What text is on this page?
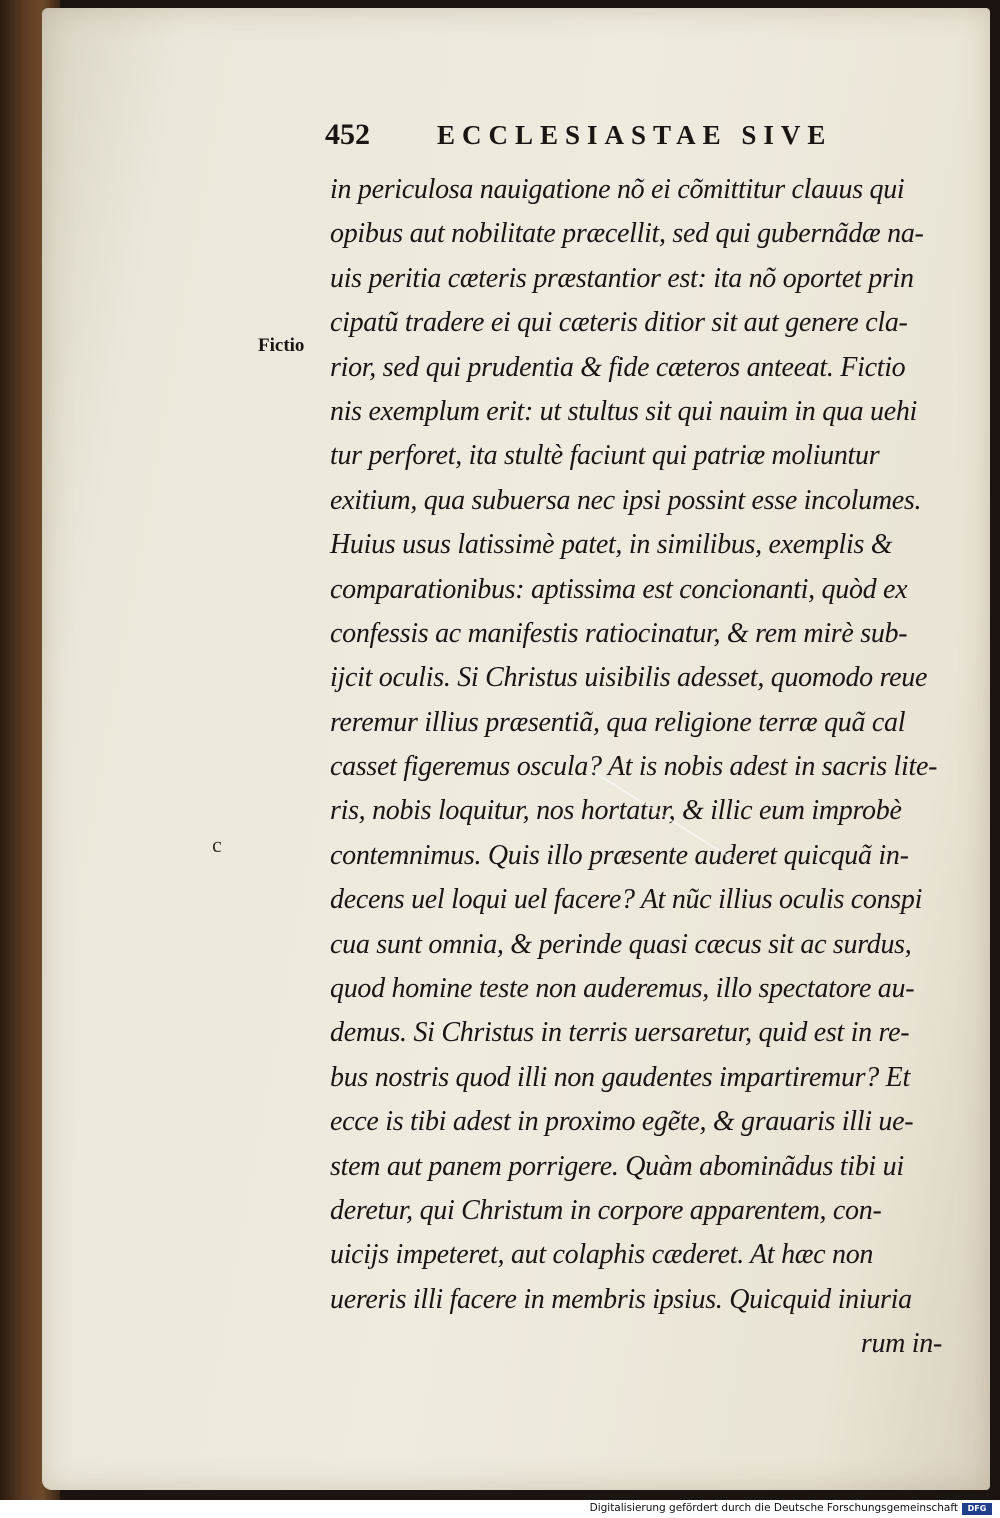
452 ECCLESIASTAE SIVE
Fictio
c
in periculosa nauigatione nõ ei cõmittitur clauus qui
opibus aut nobilitate præcellit, sed qui gubernãdæ na-
uis peritia cæteris præstantior est: ita nõ oportet prin
cipatũ tradere ei qui cæteris ditior sit aut genere cla-
rior, sed qui prudentia & fide cæteros anteeat. Fictio
nis exemplum erit: ut stultus sit qui nauim in qua uehi
tur perforet, ita stultè faciunt qui patriæ moliuntur
exitium, qua subuersa nec ipsi possint esse incolumes.
Huius usus latissimè patet, in similibus, exemplis &
comparationibus: aptissima est concionanti, quòd ex
confessis ac manifestis ratiocinatur, & rem mirè sub-
ijcit oculis. Si Christus uisibilis adesset, quomodo reue
reremur illius præsentiã, qua religione terræ quã cal
casset figeremus oscula? At is nobis adest in sacris lite-
ris, nobis loquitur, nos hortatur, & illic eum improbè
contemnimus. Quis illo præsente auderet quicquã in-
decens uel loqui uel facere? At nũc illius oculis conspi
cua sunt omnia, & perinde quasi cæcus sit ac surdus,
quod homine teste non auderemus, illo spectatore au-
demus. Si Christus in terris uersaretur, quid est in re-
bus nostris quod illi non gaudentes impartiremur? Et
ecce is tibi adest in proximo egẽte, & grauaris illi ue-
stem aut panem porrigere. Quàm abominãdus tibi ui
deretur, qui Christum in corpore apparentem, con-
uicijs impeteret, aut colaphis cæderet. At hæc non
uereris illi facere in membris ipsius. Quicquid iniuria
rum in-
Digitalisierung gefördert durch die Deutsche Forschungsgemeinschaft	DFG
